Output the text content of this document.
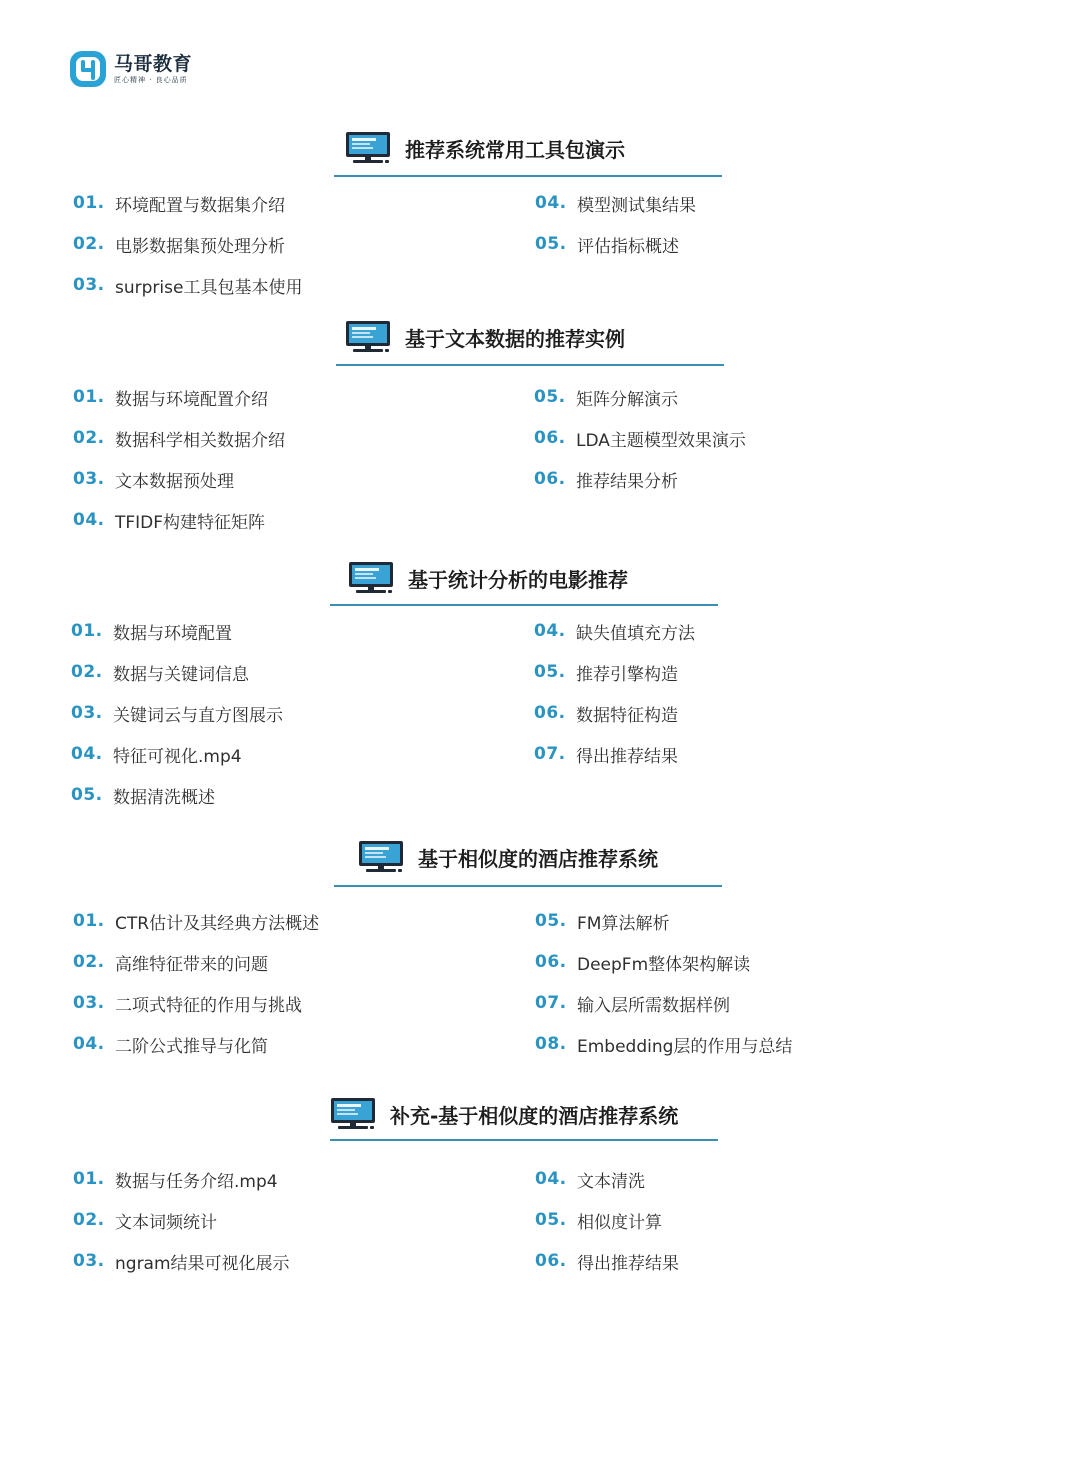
马哥教育
匠心精神 · 良心品质
推荐系统常用工具包演示
01. 环境配置与数据集介绍
02. 电影数据集预处理分析
03. surprise工具包基本使用
04. 模型测试集结果
05. 评估指标概述
基于文本数据的推荐实例
01. 数据与环境配置介绍
02. 数据科学相关数据介绍
03. 文本数据预处理
04. TFIDF构建特征矩阵
05. 矩阵分解演示
06. LDA主题模型效果演示
06. 推荐结果分析
基于统计分析的电影推荐
01. 数据与环境配置
02. 数据与关键词信息
03. 关键词云与直方图展示
04. 特征可视化.mp4
05. 数据清洗概述
04. 缺失值填充方法
05. 推荐引擎构造
06. 数据特征构造
07. 得出推荐结果
基于相似度的酒店推荐系统
01. CTR估计及其经典方法概述
02. 高维特征带来的问题
03. 二项式特征的作用与挑战
04. 二阶公式推导与化简
05. FM算法解析
06. DeepFm整体架构解读
07. 输入层所需数据样例
08. Embedding层的作用与总结
补充-基于相似度的酒店推荐系统
01. 数据与任务介绍.mp4
02. 文本词频统计
03. ngram结果可视化展示
04. 文本清洗
05. 相似度计算
06. 得出推荐结果
